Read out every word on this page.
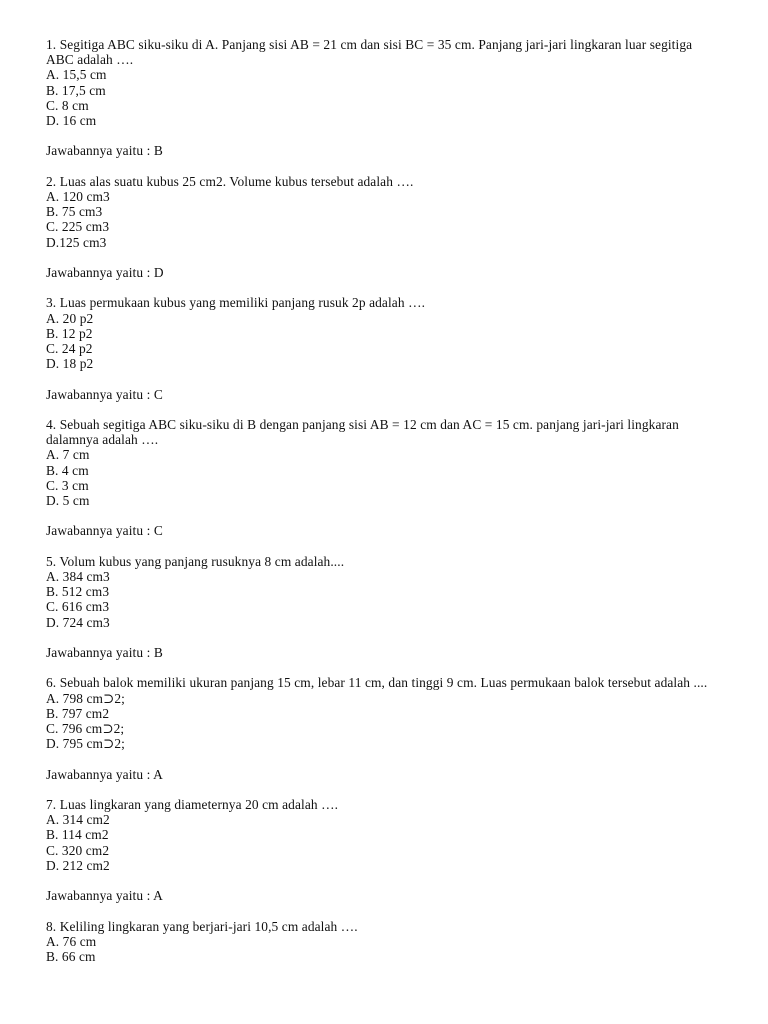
1. Segitiga ABC siku-siku di A. Panjang sisi AB = 21 cm dan sisi BC = 35 cm. Panjang jari-jari lingkaran luar segitiga ABC adalah ….

A. 15,5 cm
B. 17,5 cm
C. 8 cm
D. 16 cm
Jawabannya yaitu : B

2. Luas alas suatu kubus 25 cm2. Volume kubus tersebut adalah ….

A. 120 cm3
B. 75 cm3
C. 225 cm3
D.125 cm3
Jawabannya yaitu : D

3. Luas permukaan kubus yang memiliki panjang rusuk 2p adalah ….

A. 20 p2
B. 12 p2
C. 24 p2
D. 18 p2
Jawabannya yaitu : C

4. Sebuah segitiga ABC siku-siku di B dengan panjang sisi AB = 12 cm dan AC = 15 cm. panjang jari-jari lingkaran dalamnya adalah ….

A. 7 cm
B. 4 cm
C. 3 cm
D. 5 cm
Jawabannya yaitu : C

5. Volum kubus yang panjang rusuknya 8 cm adalah....

A. 384 cm3
B. 512 cm3
C. 616 cm3
D. 724 cm3
Jawabannya yaitu : B

6. Sebuah balok memiliki ukuran panjang 15 cm, lebar 11 cm, dan tinggi 9 cm. Luas permukaan balok tersebut adalah ....

A. 798 cm⊃2;
B. 797 cm2
C. 796 cm⊃2;
D. 795 cm⊃2;
Jawabannya yaitu : A

7. Luas lingkaran yang diameternya 20 cm adalah ….

A. 314 cm2
B. 114 cm2
C. 320 cm2
D. 212 cm2
Jawabannya yaitu : A

8. Keliling lingkaran yang berjari-jari 10,5 cm adalah ….

A. 76 cm
B. 66 cm
